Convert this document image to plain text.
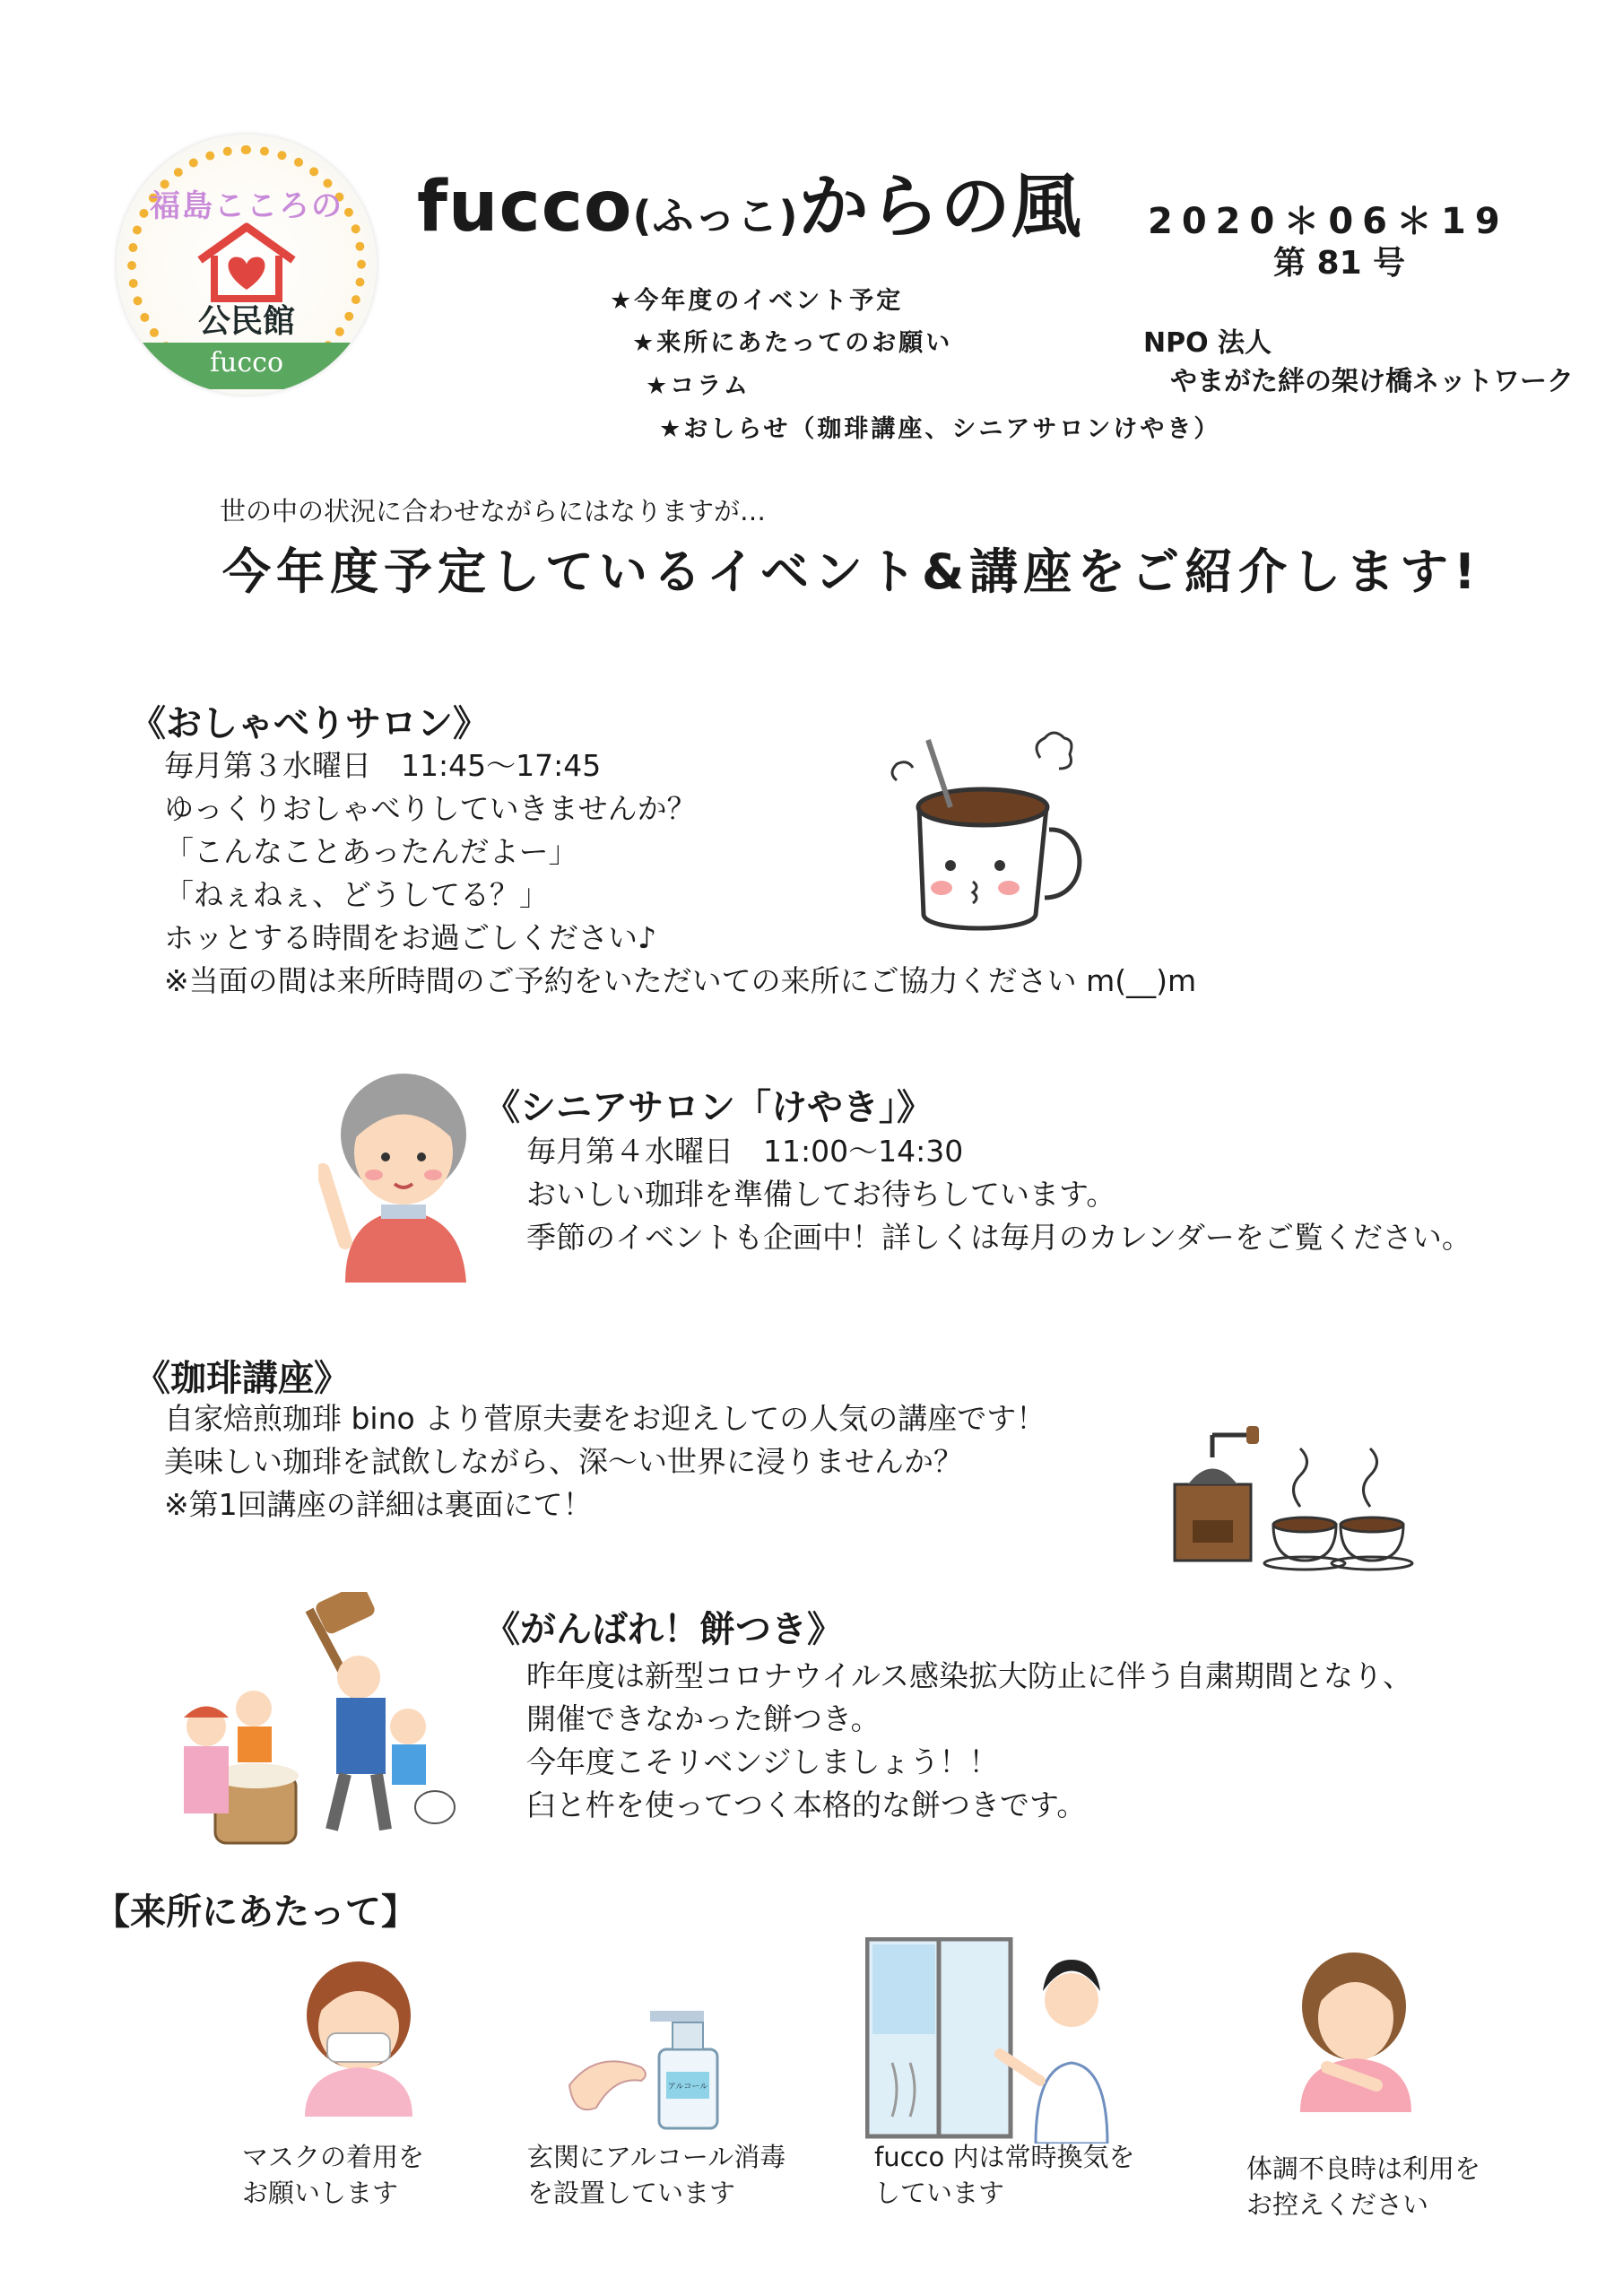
福島こころの
公民館
fucco
fucco(ふっこ)からの風 2020＊06＊19
第 81 号
★今年度のイベント予定
★来所にあたってのお願い
★コラム
★おしらせ（珈琲講座、シニアサロンけやき）
NPO 法人
やまがた絆の架け橋ネットワーク
世の中の状況に合わせながらにはなりますが…
今年度予定しているイベント&講座をご紹介します!
《おしゃべりサロン》
毎月第３水曜日　11:45～17:45
ゆっくりおしゃべりしていきませんか？
「こんなことあったんだよー」
「ねぇねぇ、どうしてる？」
ホッとする時間をお過ごしください♪
※当面の間は来所時間のご予約をいただいての来所にご協力ください m(__)m
《シニアサロン「けやき」》
毎月第４水曜日　11:00～14:30
おいしい珈琲を準備してお待ちしています。
季節のイベントも企画中！詳しくは毎月のカレンダーをご覧ください。
《珈琲講座》
自家焙煎珈琲 bino より菅原夫妻をお迎えしての人気の講座です！
美味しい珈琲を試飲しながら、深～い世界に浸りませんか？
※第1回講座の詳細は裏面にて！
《がんばれ！餅つき》
昨年度は新型コロナウイルス感染拡大防止に伴う自粛期間となり、
開催できなかった餅つき。
今年度こそリベンジしましょう！！
臼と杵を使ってつく本格的な餅つきです。
【来所にあたって】
アルコール
マスクの着用を
お願いします
玄関にアルコール消毒
を設置しています
fucco 内は常時換気を
しています
体調不良時は利用を
お控えください
